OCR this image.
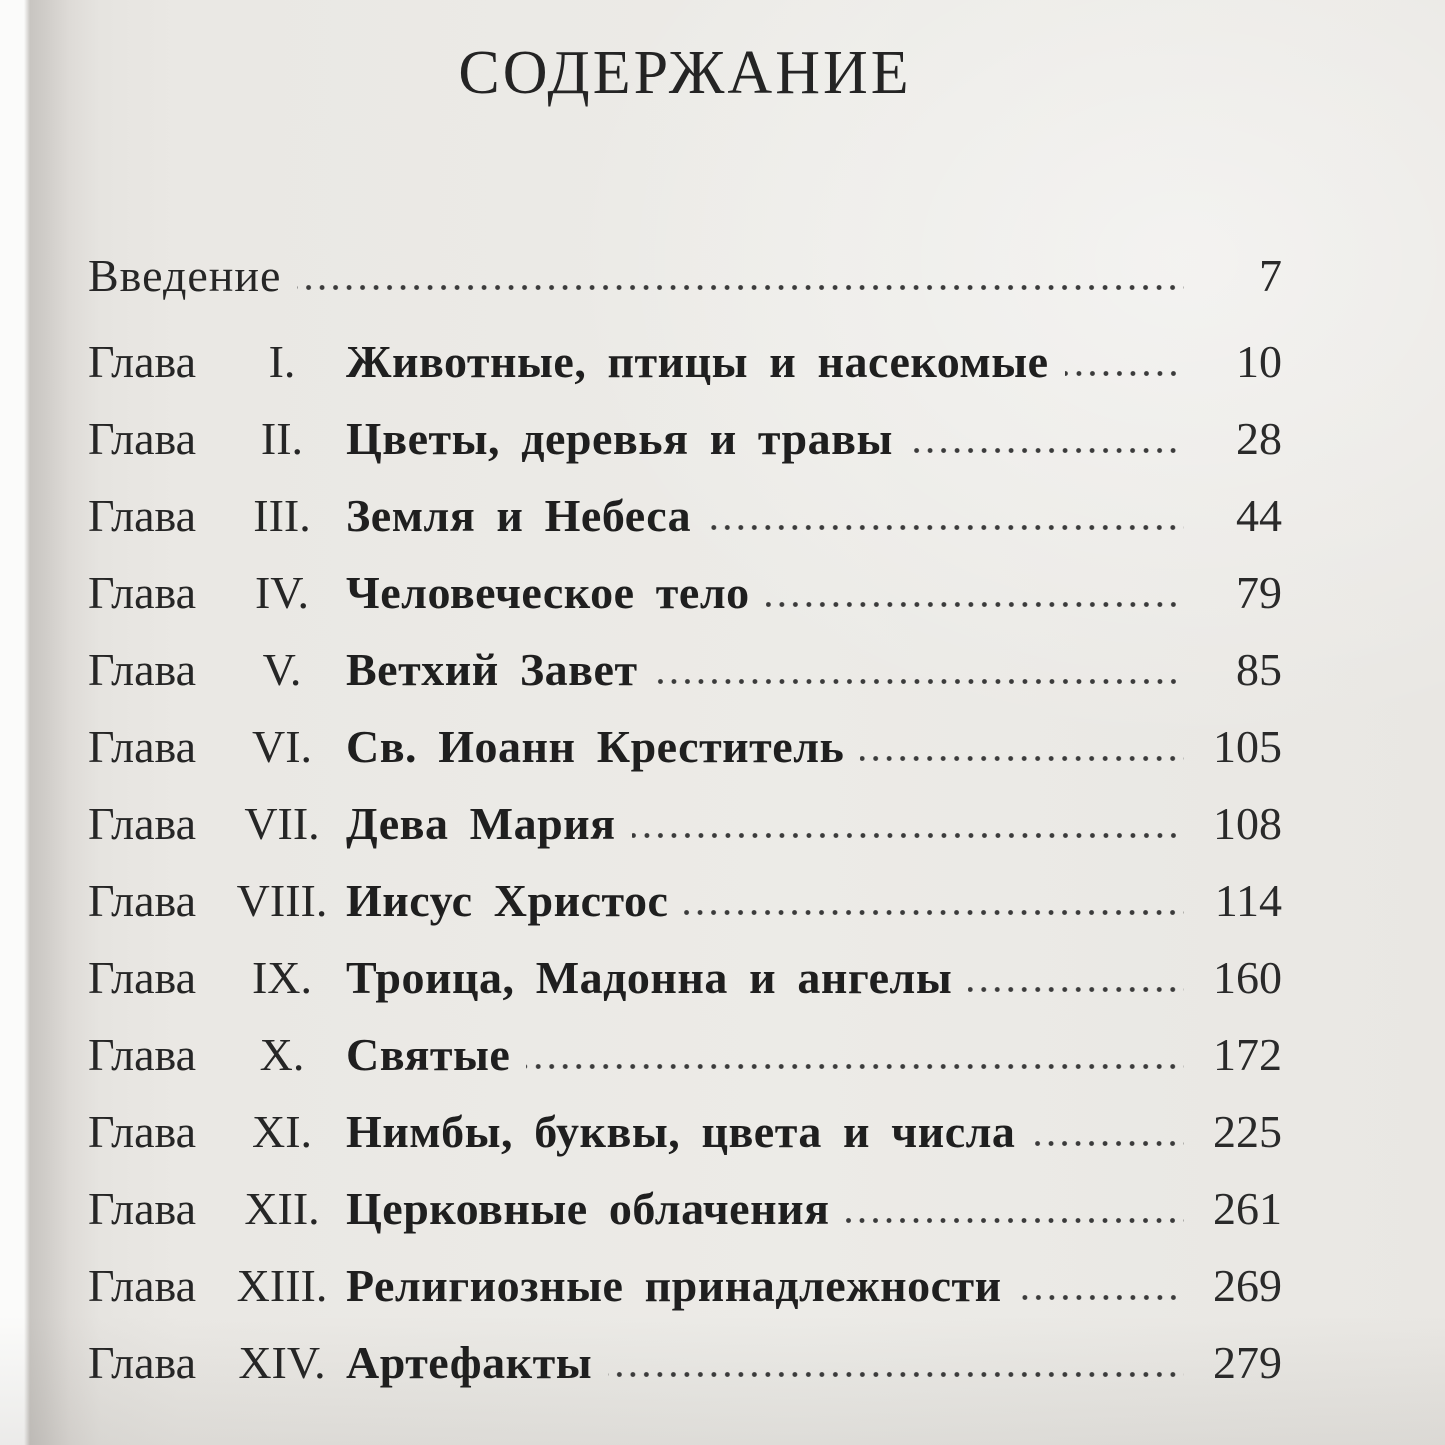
СОДЕРЖАНИЕ
Введение	7
Глава	I.	Животные, птицы и насекомые	10
Глава	II. Цветы, деревья и травы	28
Глава	III. Земля и Небеса	44
Глава	IV. Человеческое тело	79
Глава	V. Ветхий Завет	85
Глава	VI. Св. Иоанн Креститель	105
Глава	VII. Дева Мария	108
Глава VIII. Иисус Христос	114
Глава	IX. Троица, Мадонна и ангелы	160
Глава	X. Святые	172
Глава	XI. Нимбы, буквы, цвета и числа	225
Глава	XII. Церковные облачения	261
Глава XIII. Религиозные принадлежности	269
Глава XIV. Артефакты	279
